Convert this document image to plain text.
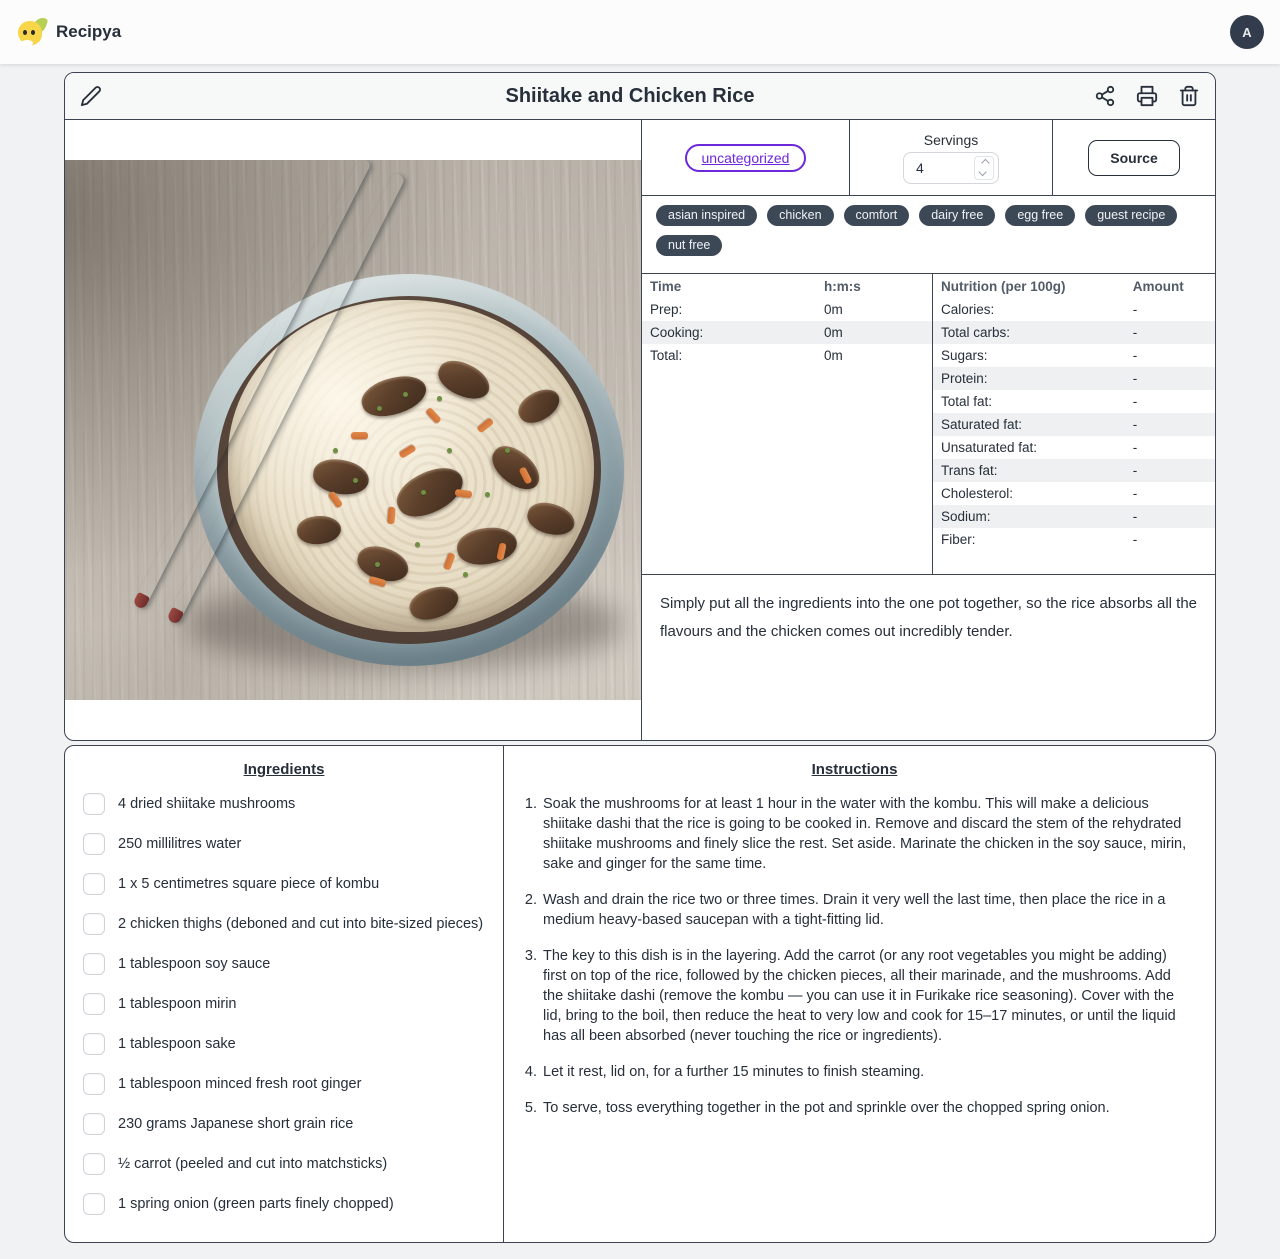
Recipya	A
Shiitake and Chicken Rice
uncategorized
Servings
4
Source
asian inspired	chicken	comfort	dairy free	egg free	guest recipe
nut free
Time	h:m:s
Prep:	0m
Cooking:	0m
Total:	0m
Nutrition (per 100g)	Amount
Calories:	-
Total carbs:	-
Sugars:	-
Protein:	-
Total fat:	-
Saturated fat:	-
Unsaturated fat:	-
Trans fat:	-
Cholesterol:	-
Sodium:	-
Fiber:	-
Simply put all the ingredients into the one pot together, so the rice absorbs all the flavours and the chicken comes out incredibly tender.
Ingredients
4 dried shiitake mushrooms
250 millilitres water
1 x 5 centimetres square piece of kombu
2 chicken thighs (deboned and cut into bite-sized pieces)
1 tablespoon soy sauce
1 tablespoon mirin
1 tablespoon sake
1 tablespoon minced fresh root ginger
230 grams Japanese short grain rice
½ carrot (peeled and cut into matchsticks)
1 spring onion (green parts finely chopped)
Instructions
1. Soak the mushrooms for at least 1 hour in the water with the kombu. This will make a delicious shiitake dashi that the rice is going to be cooked in. Remove and discard the stem of the rehydrated shiitake mushrooms and finely slice the rest. Set aside. Marinate the chicken in the soy sauce, mirin, sake and ginger for the same time.
2. Wash and drain the rice two or three times. Drain it very well the last time, then place the rice in a medium heavy-based saucepan with a tight-fitting lid.
3. The key to this dish is in the layering. Add the carrot (or any root vegetables you might be adding) first on top of the rice, followed by the chicken pieces, all their marinade, and the mushrooms. Add the shiitake dashi (remove the kombu — you can use it in Furikake rice seasoning). Cover with the lid, bring to the boil, then reduce the heat to very low and cook for 15–17 minutes, or until the liquid has all been absorbed (never touching the rice or ingredients).
4. Let it rest, lid on, for a further 15 minutes to finish steaming.
5. To serve, toss everything together in the pot and sprinkle over the chopped spring onion.
